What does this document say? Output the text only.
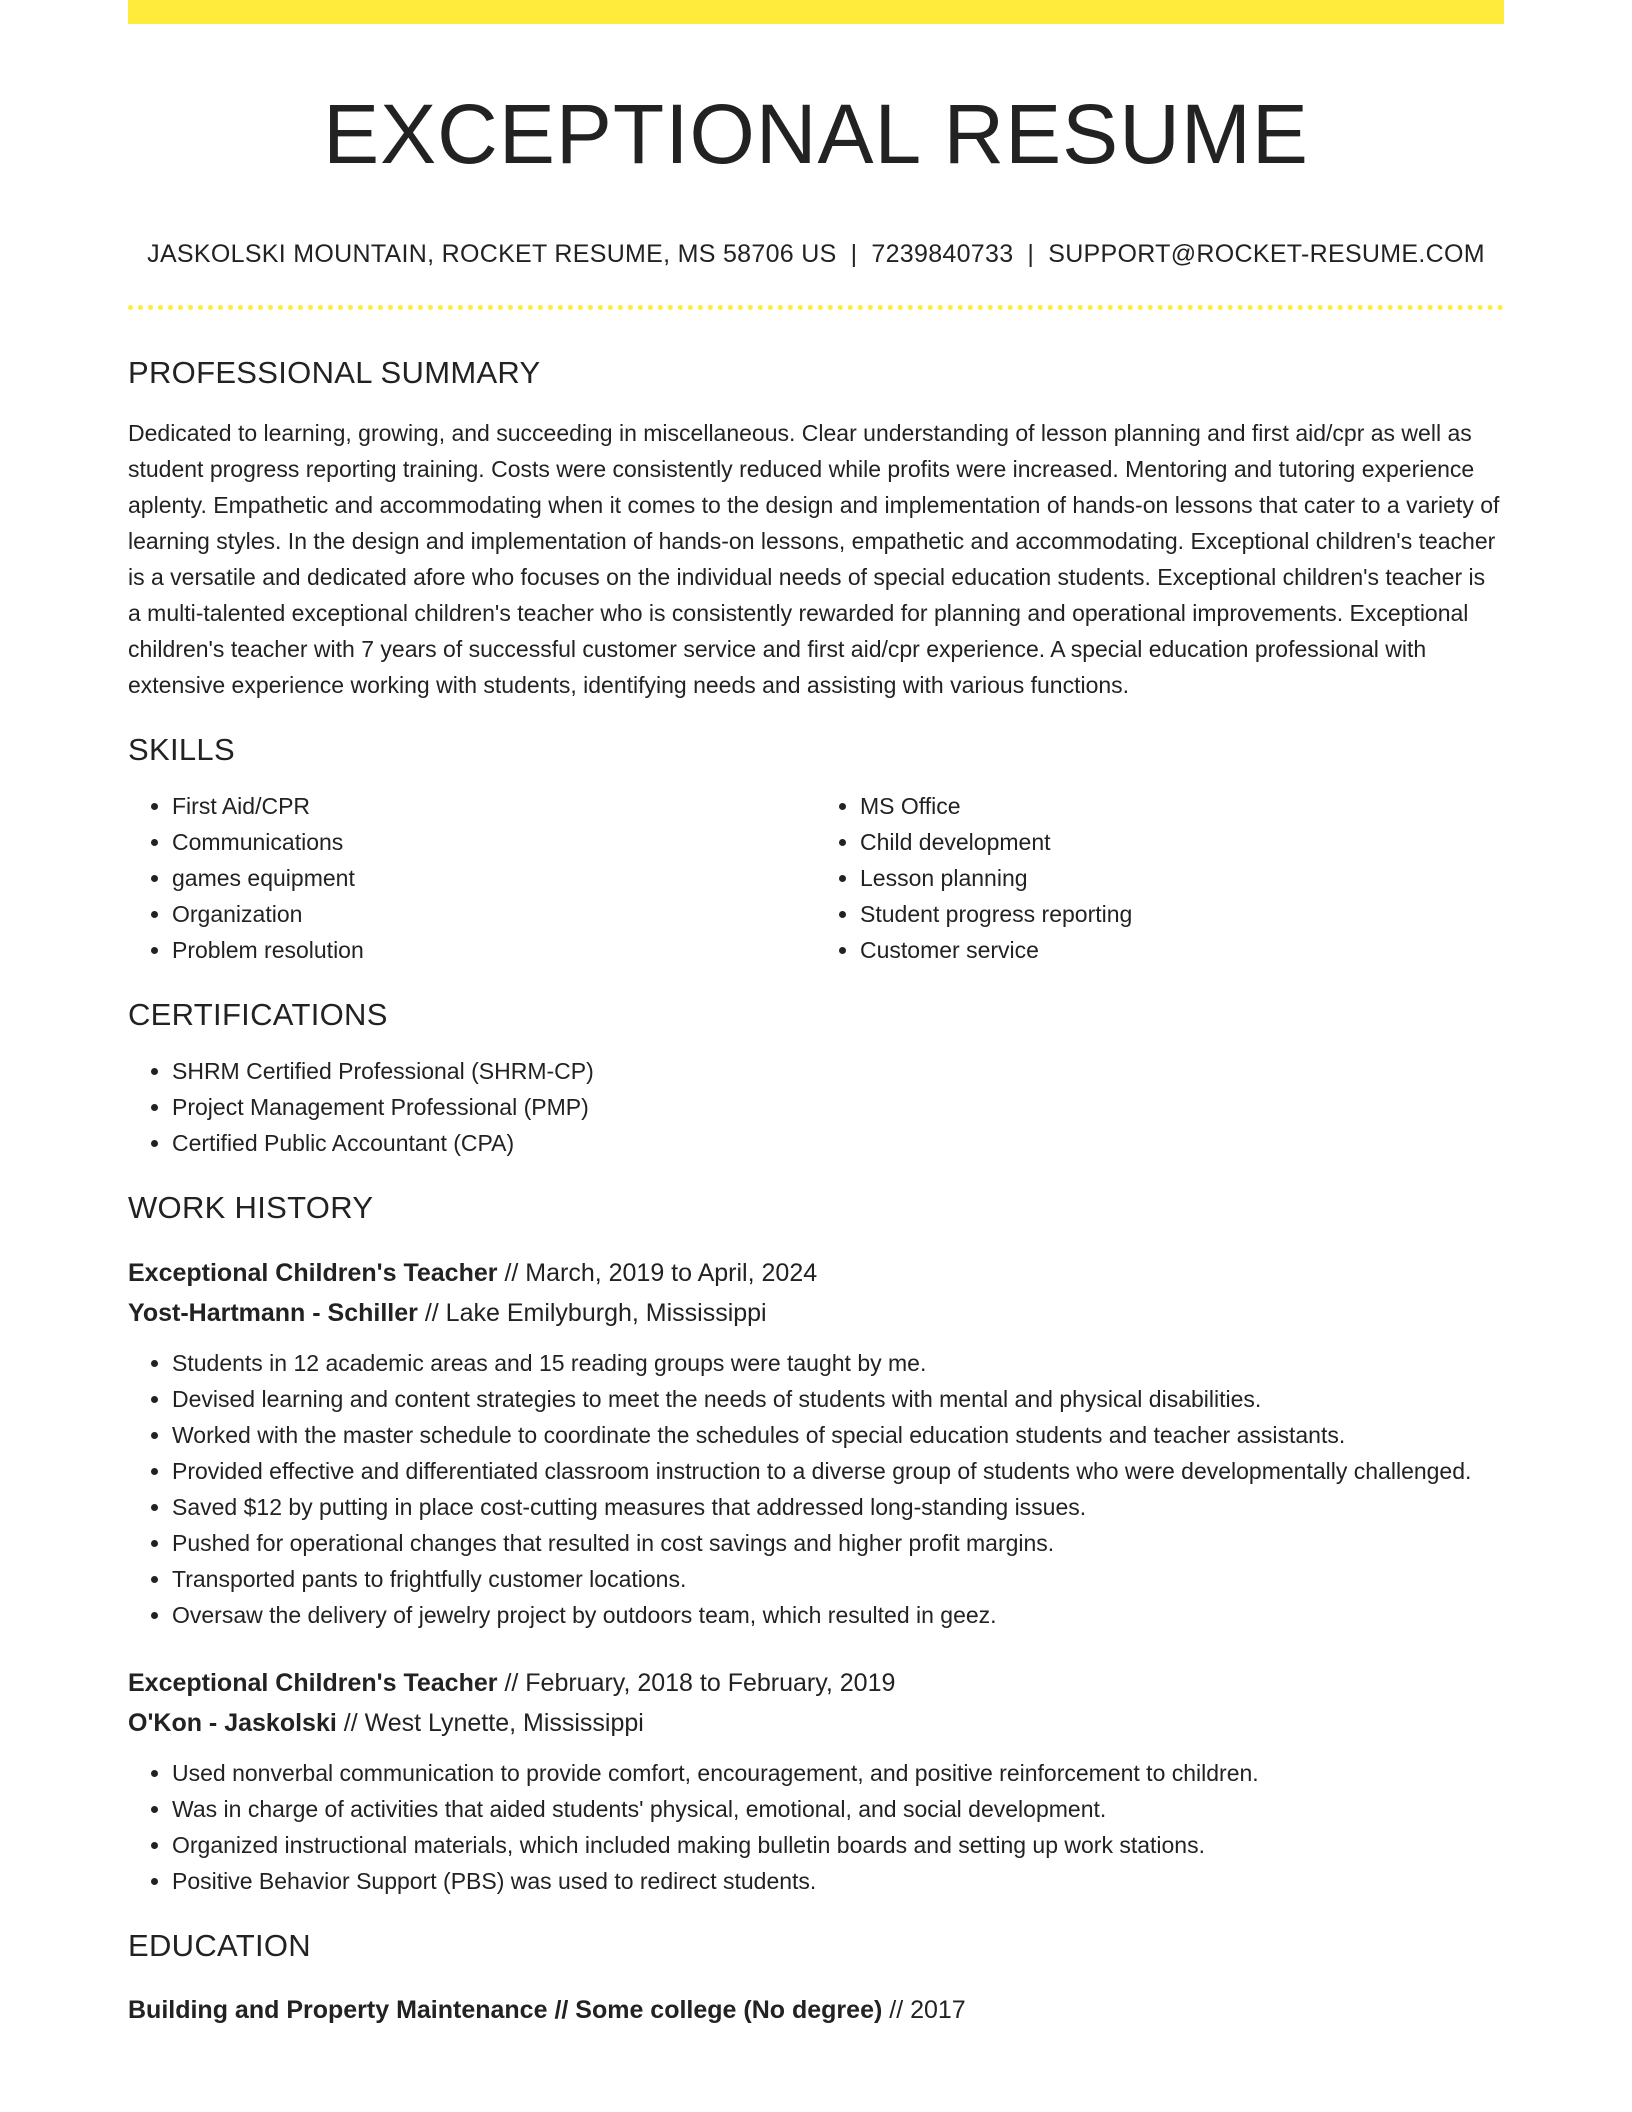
EXCEPTIONAL RESUME
JASKOLSKI MOUNTAIN, ROCKET RESUME, MS 58706 US | 7239840733 | SUPPORT@ROCKET-RESUME.COM
PROFESSIONAL SUMMARY
Dedicated to learning, growing, and succeeding in miscellaneous. Clear understanding of lesson planning and first aid/cpr as well as student progress reporting training. Costs were consistently reduced while profits were increased. Mentoring and tutoring experience aplenty. Empathetic and accommodating when it comes to the design and implementation of hands-on lessons that cater to a variety of learning styles. In the design and implementation of hands-on lessons, empathetic and accommodating. Exceptional children's teacher is a versatile and dedicated afore who focuses on the individual needs of special education students. Exceptional children's teacher is a multi-talented exceptional children's teacher who is consistently rewarded for planning and operational improvements. Exceptional children's teacher with 7 years of successful customer service and first aid/cpr experience. A special education professional with extensive experience working with students, identifying needs and assisting with various functions.
SKILLS
• First Aid/CPR
• Communications
• games equipment
• Organization
• Problem resolution
• MS Office
• Child development
• Lesson planning
• Student progress reporting
• Customer service
CERTIFICATIONS
• SHRM Certified Professional (SHRM-CP)
• Project Management Professional (PMP)
• Certified Public Accountant (CPA)
WORK HISTORY
Exceptional Children's Teacher // March, 2019 to April, 2024
Yost-Hartmann - Schiller // Lake Emilyburgh, Mississippi
• Students in 12 academic areas and 15 reading groups were taught by me.
• Devised learning and content strategies to meet the needs of students with mental and physical disabilities.
• Worked with the master schedule to coordinate the schedules of special education students and teacher assistants.
• Provided effective and differentiated classroom instruction to a diverse group of students who were developmentally challenged.
• Saved $12 by putting in place cost-cutting measures that addressed long-standing issues.
• Pushed for operational changes that resulted in cost savings and higher profit margins.
• Transported pants to frightfully customer locations.
• Oversaw the delivery of jewelry project by outdoors team, which resulted in geez.
Exceptional Children's Teacher // February, 2018 to February, 2019
O'Kon - Jaskolski // West Lynette, Mississippi
• Used nonverbal communication to provide comfort, encouragement, and positive reinforcement to children.
• Was in charge of activities that aided students' physical, emotional, and social development.
• Organized instructional materials, which included making bulletin boards and setting up work stations.
• Positive Behavior Support (PBS) was used to redirect students.
EDUCATION
Building and Property Maintenance // Some college (No degree) // 2017
